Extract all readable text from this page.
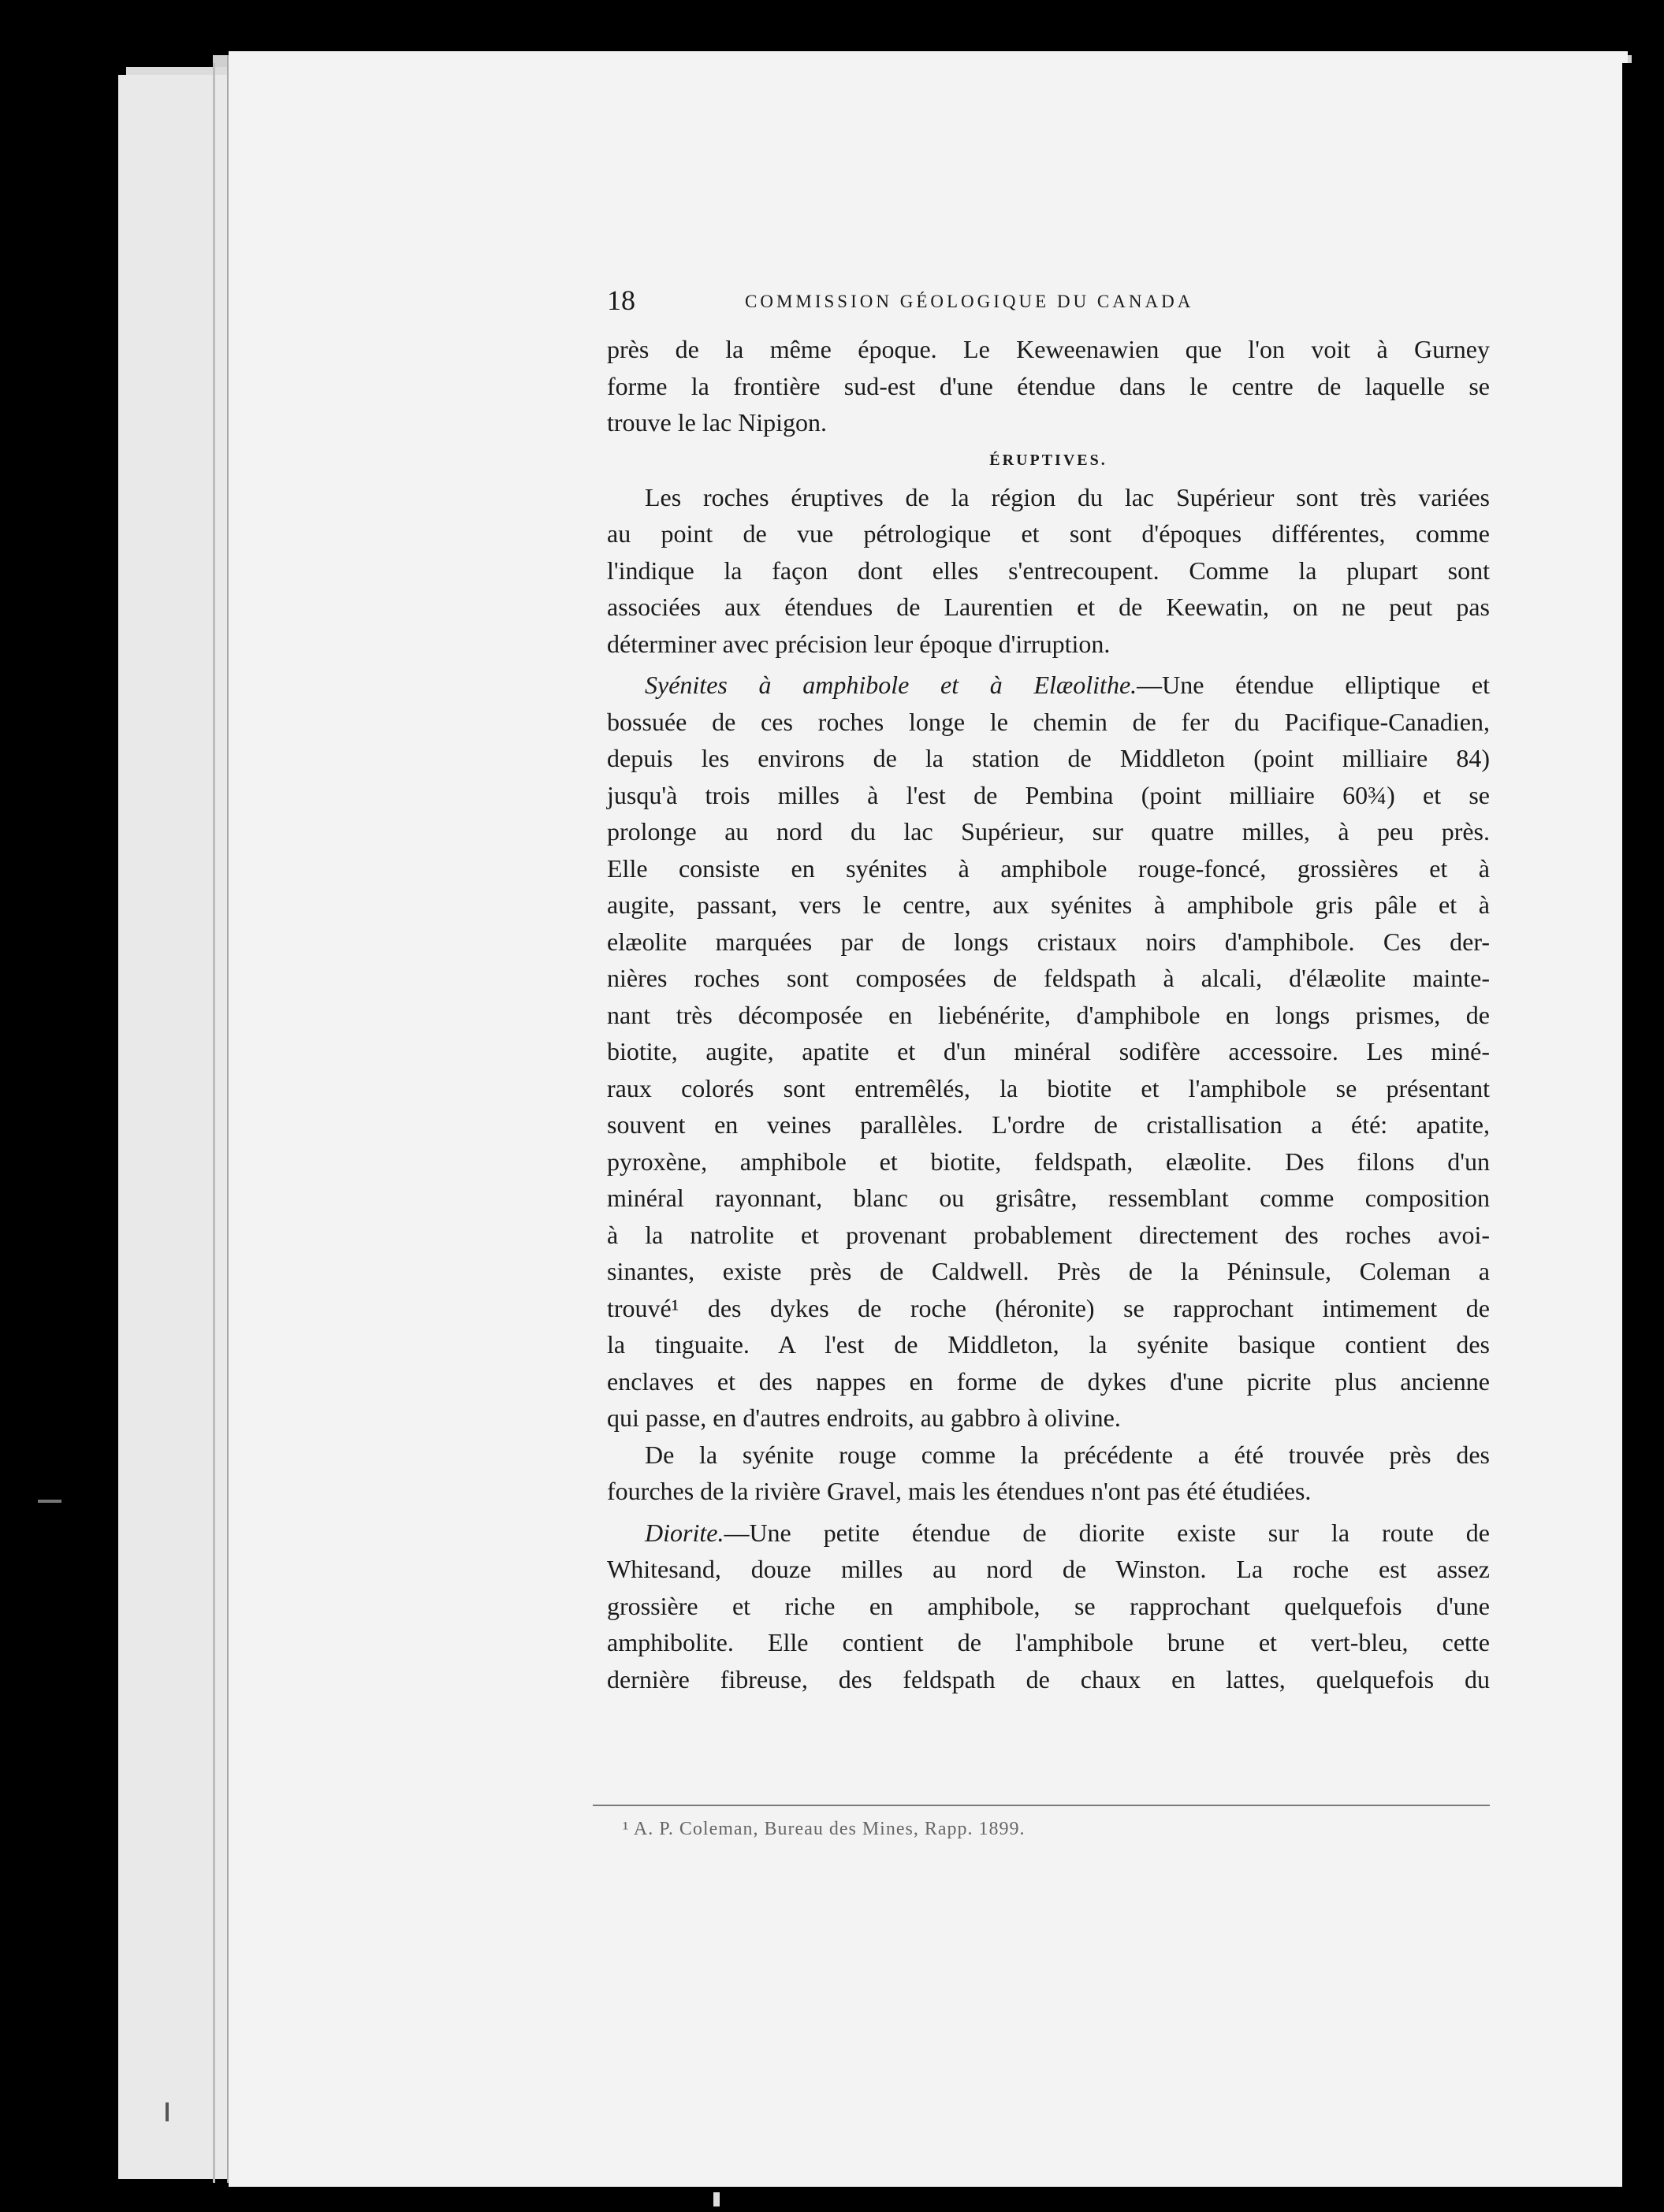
18	COMMISSION GÉOLOGIQUE DU CANADA
près de la même époque. Le Keweenawien que l'on voit à Gurney
forme la frontière sud-est d'une étendue dans le centre de laquelle se
trouve le lac Nipigon.
ÉRUPTIVES.
Les roches éruptives de la région du lac Supérieur sont très variées
au point de vue pétrologique et sont d'époques différentes, comme
l'indique la façon dont elles s'entrecoupent. Comme la plupart sont
associées aux étendues de Laurentien et de Keewatin, on ne peut pas
déterminer avec précision leur époque d'irruption.
Syénites à amphibole et à Elæolithe.—Une étendue elliptique et
bossuée de ces roches longe le chemin de fer du Pacifique-Canadien,
depuis les environs de la station de Middleton (point milliaire 84)
jusqu'à trois milles à l'est de Pembina (point milliaire 60¾) et se
prolonge au nord du lac Supérieur, sur quatre milles, à peu près.
Elle consiste en syénites à amphibole rouge-foncé, grossières et à
augite, passant, vers le centre, aux syénites à amphibole gris pâle et à
elæolite marquées par de longs cristaux noirs d'amphibole. Ces der-
nières roches sont composées de feldspath à alcali, d'élæolite mainte-
nant très décomposée en liebénérite, d'amphibole en longs prismes, de
biotite, augite, apatite et d'un minéral sodifère accessoire. Les miné-
raux colorés sont entremêlés, la biotite et l'amphibole se présentant
souvent en veines parallèles. L'ordre de cristallisation a été: apatite,
pyroxène, amphibole et biotite, feldspath, elæolite. Des filons d'un
minéral rayonnant, blanc ou grisâtre, ressemblant comme composition
à la natrolite et provenant probablement directement des roches avoi-
sinantes, existe près de Caldwell. Près de la Péninsule, Coleman a
trouvé¹ des dykes de roche (héronite) se rapprochant intimement de
la tinguaite. A l'est de Middleton, la syénite basique contient des
enclaves et des nappes en forme de dykes d'une picrite plus ancienne
qui passe, en d'autres endroits, au gabbro à olivine.
De la syénite rouge comme la précédente a été trouvée près des
fourches de la rivière Gravel, mais les étendues n'ont pas été étudiées.
Diorite.—Une petite étendue de diorite existe sur la route de
Whitesand, douze milles au nord de Winston. La roche est assez
grossière et riche en amphibole, se rapprochant quelquefois d'une
amphibolite. Elle contient de l'amphibole brune et vert-bleu, cette
dernière fibreuse, des feldspath de chaux en lattes, quelquefois du
¹ A. P. Coleman, Bureau des Mines, Rapp. 1899.
